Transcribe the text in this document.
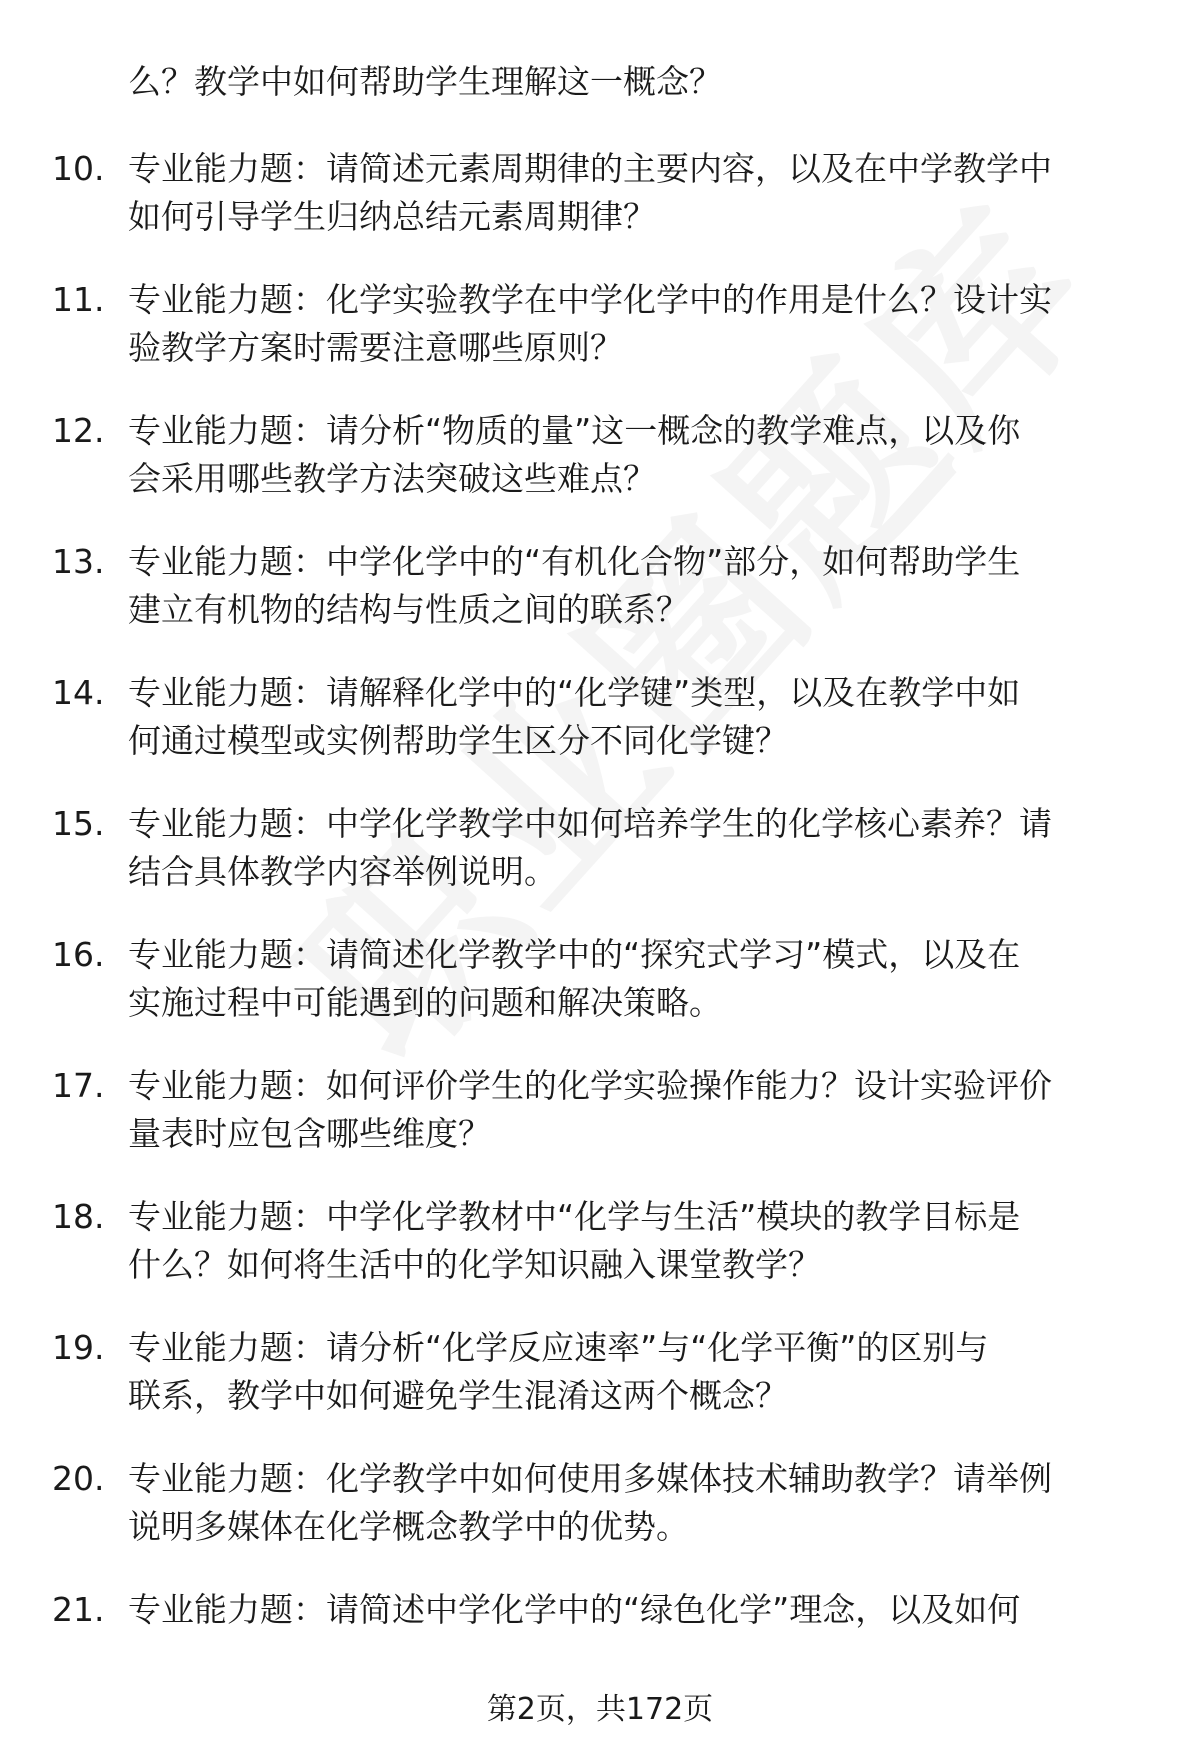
么？教学中如何帮助学生理解这一概念？
10. 专业能力题：请简述元素周期律的主要内容，以及在中学教学中
如何引导学生归纳总结元素周期律？
11. 专业能力题：化学实验教学在中学化学中的作用是什么？设计实
验教学方案时需要注意哪些原则？
12. 专业能力题：请分析“物质的量”这一概念的教学难点，以及你
会采用哪些教学方法突破这些难点？
13. 专业能力题：中学化学中的“有机化合物”部分，如何帮助学生
建立有机物的结构与性质之间的联系？
14. 专业能力题：请解释化学中的“化学键”类型，以及在教学中如
何通过模型或实例帮助学生区分不同化学键？
15. 专业能力题：中学化学教学中如何培养学生的化学核心素养？请
结合具体教学内容举例说明。
16. 专业能力题：请简述化学教学中的“探究式学习”模式，以及在
实施过程中可能遇到的问题和解决策略。
17. 专业能力题：如何评价学生的化学实验操作能力？设计实验评价
量表时应包含哪些维度？
18. 专业能力题：中学化学教材中“化学与生活”模块的教学目标是
什么？如何将生活中的化学知识融入课堂教学？
19. 专业能力题：请分析“化学反应速率”与“化学平衡”的区别与
联系，教学中如何避免学生混淆这两个概念？
20. 专业能力题：化学教学中如何使用多媒体技术辅助教学？请举例
说明多媒体在化学概念教学中的优势。
21. 专业能力题：请简述中学化学中的“绿色化学”理念，以及如何
第2页，共172页
